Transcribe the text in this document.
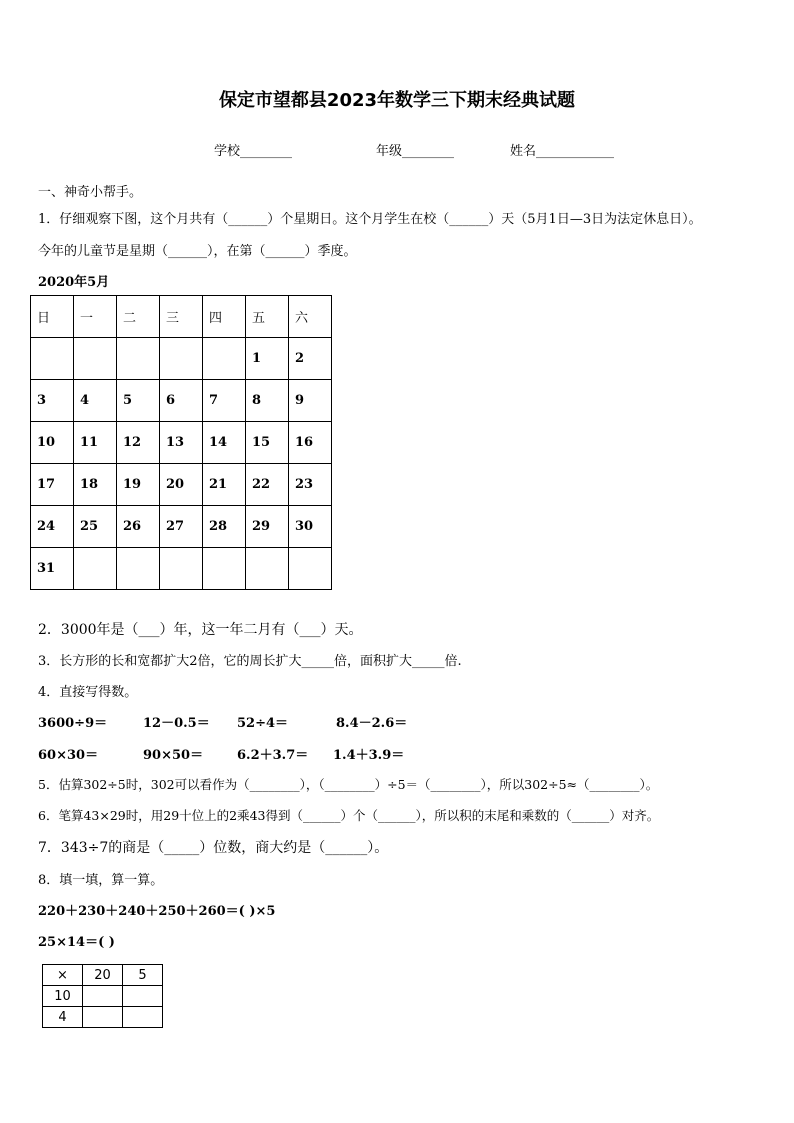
保定市望都县2023年数学三下期末经典试题
学校________	年级________	姓名____________
一、神奇小帮手。
1．仔细观察下图，这个月共有（______）个星期日。这个月学生在校（______）天（5月1日—3日为法定休息日）。
今年的儿童节是星期（______），在第（______）季度。
2020年5月
日	一	二	三	四	五	六
					1	2
3	4	5	6	7	8	9
10	11	12	13	14	15	16
17	18	19	20	21	22	23
24	25	26	27	28	29	30
31						
2．3000年是（___）年，这一年二月有（___）天。
3．长方形的长和宽都扩大2倍，它的周长扩大_____倍，面积扩大_____倍.
4．直接写得数。
3600÷9＝	12－0.5＝ 52÷4＝	8.4－2.6＝
60×30＝	90×50＝	6.2＋3.7＝ 1.4＋3.9＝
5．估算302÷5时，302可以看作为（________），（________）÷5＝（________），所以302÷5≈（________）。
6．笔算43×29时，用29十位上的2乘43得到（______）个（______），所以积的末尾和乘数的（______）对齐。
7．343÷7的商是（_____）位数，商大约是（______）。
8．填一填，算一算。
220＋230＋240＋250＋260＝( )×5
25×14＝( )
×	20	5
10		
4		
